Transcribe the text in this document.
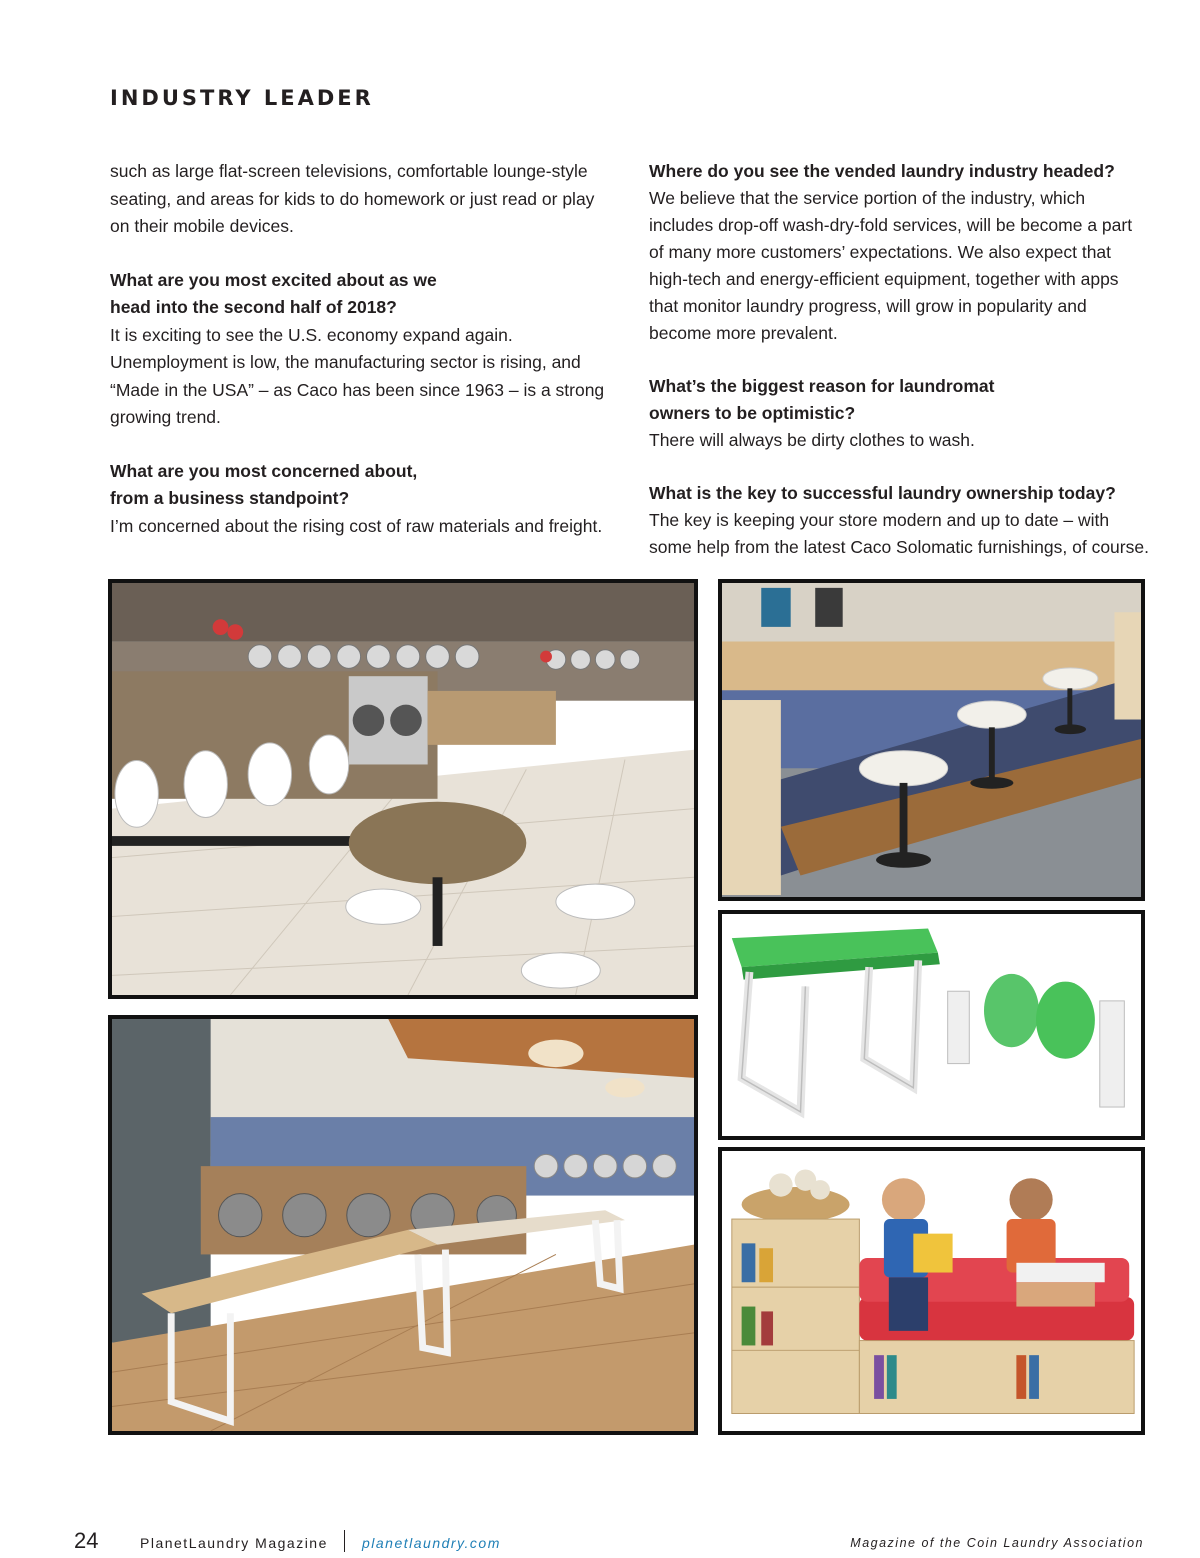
INDUSTRY LEADER

such as large flat-screen televisions, comfortable lounge-style
seating, and areas for kids to do homework or just read or play
on their mobile devices.

What are you most excited about as we
head into the second half of 2018?

It is exciting to see the U.S. economy expand again.
Unemployment is low, the manufacturing sector is rising, and
“Made in the USA” – as Caco has been since 1963 – is a strong
growing trend.

What are you most concerned about,
from a business standpoint?

I’m concerned about the rising cost of raw materials and freight.

Where do you see the vended laundry industry headed?

We believe that the service portion of the industry, which
includes drop-off wash-dry-fold services, will be become a part
of many more customers’ expectations. We also expect that
high-tech and energy-efficient equipment, together with apps
that monitor laundry progress, will grow in popularity and
become more prevalent.

What’s the biggest reason for laundromat
owners to be optimistic?

There will always be dirty clothes to wash.

What is the key to successful laundry ownership today?

The key is keeping your store modern and up to date – with
some help from the latest Caco Solomatic furnishings, of course.

24	PlanetLaundry Magazine planetlaundry.com	Magazine of the Coin Laundry Association
